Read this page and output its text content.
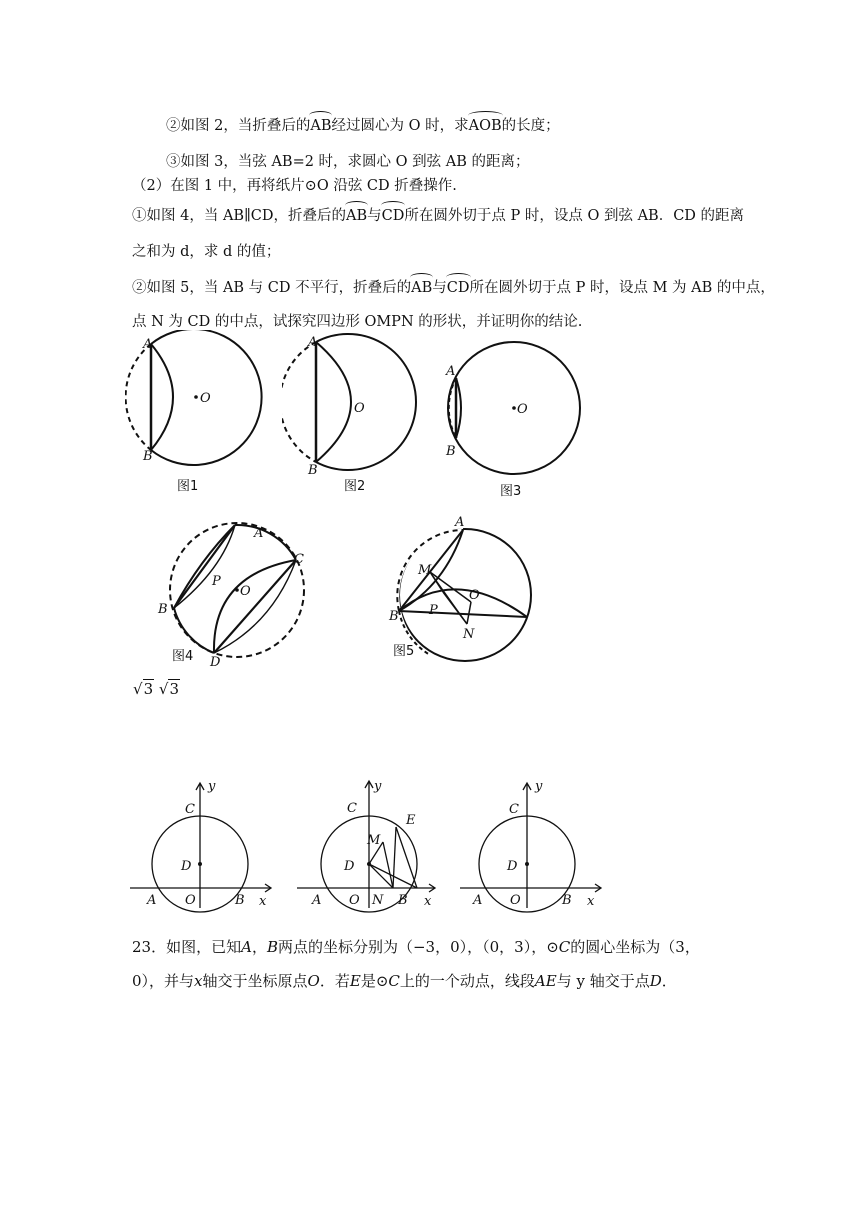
②如图 2，当折叠后的AB经过圆心为 O 时，求AOB的长度；
③如图 3，当弦 AB=2 时，求圆心 O 到弦 AB 的距离；
（2）在图 1 中，再将纸片⊙O 沿弦 CD 折叠操作.
①如图 4，当 AB∥CD，折叠后的AB与CD所在圆外切于点 P 时，设点 O 到弦 AB．CD 的距离
之和为 d，求 d 的值；
②如图 5，当 AB 与 CD 不平行，折叠后的AB与CD所在圆外切于点 P 时，设点 M 为 AB 的中点，
点 N 为 CD 的中点，试探究四边形 OMPN 的形状，并证明你的结论.
A
B
O
图1
A
B
O
图2
A
B
O
图3
A
B
C
D
P
O
图4
A
B
M
O
P
N
图5
√3 √3
y
C
D
A O	B x
y
C
E
M
D
A O N B x
y
C
D
A O	B x
23．如图，已知A，B两点的坐标分别为（−3，0），（0，3），⊙C的圆心坐标为（3，
0），并与x轴交于坐标原点O．若E是⊙C上的一个动点，线段AE与 y 轴交于点D．
